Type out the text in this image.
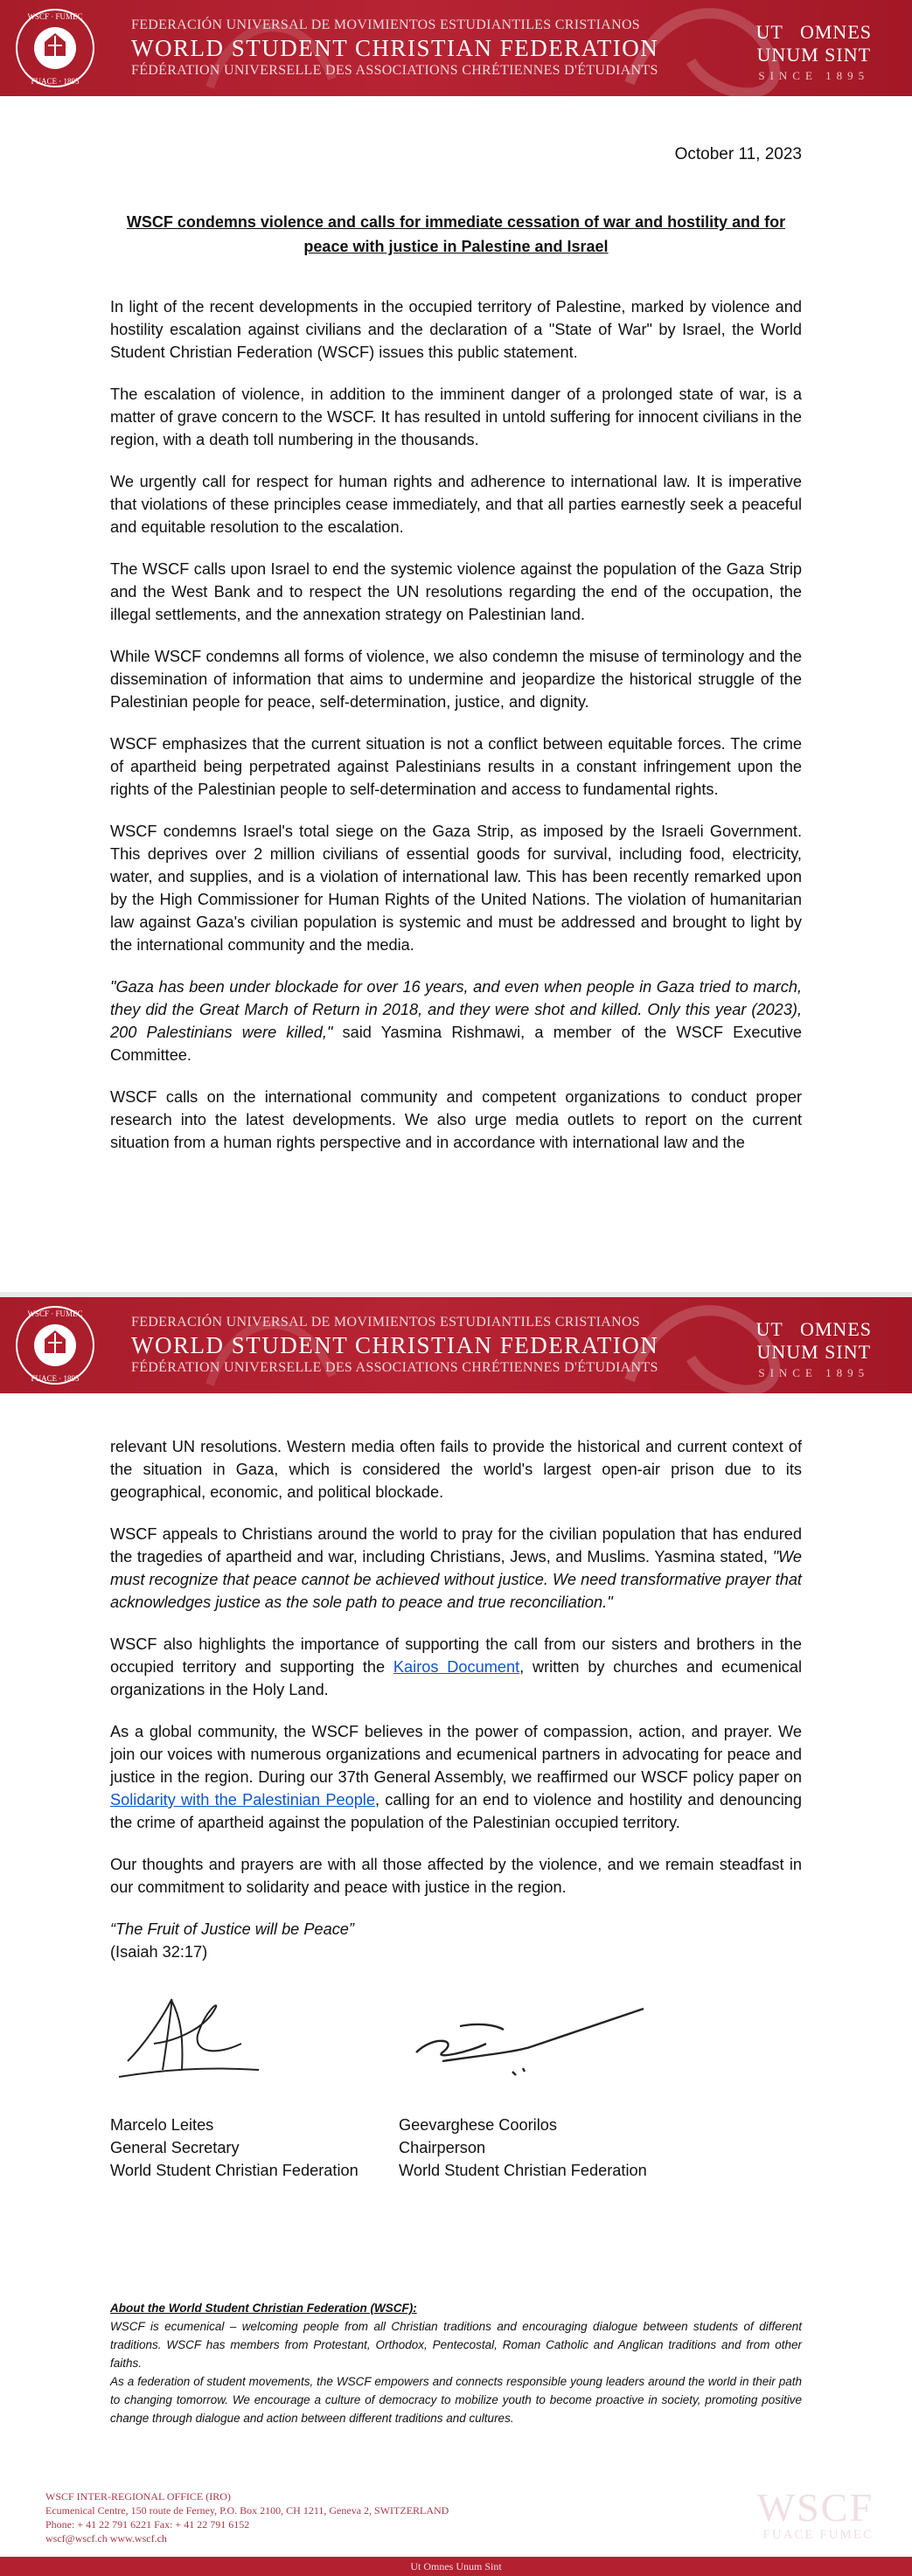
WSCF · FUMEC
FUACE · 1895
FEDERACIÓN UNIVERSAL DE MOVIMIENTOS ESTUDIANTILES CRISTIANOS
WORLD STUDENT CHRISTIAN FEDERATION
FÉDÉRATION UNIVERSELLE DES ASSOCIATIONS CHRÉTIENNES D'ÉTUDIANTS
UT   OMNES
UNUM SINT
SINCE 1895
October 11, 2023
WSCF condemns violence and calls for immediate cessation of war and hostility and for peace with justice in Palestine and Israel

In light of the recent developments in the occupied territory of Palestine, marked by violence and hostility escalation against civilians and the declaration of a "State of War" by Israel, the World Student Christian Federation (WSCF) issues this public statement.

The escalation of violence, in addition to the imminent danger of a prolonged state of war, is a matter of grave concern to the WSCF. It has resulted in untold suffering for innocent civilians in the region, with a death toll numbering in the thousands.

We urgently call for respect for human rights and adherence to international law. It is imperative that violations of these principles cease immediately, and that all parties earnestly seek a peaceful and equitable resolution to the escalation.

The WSCF calls upon Israel to end the systemic violence against the population of the Gaza Strip and the West Bank and to respect the UN resolutions regarding the end of the occupation, the illegal settlements, and the annexation strategy on Palestinian land.

While WSCF condemns all forms of violence, we also condemn the misuse of terminology and the dissemination of information that aims to undermine and jeopardize the historical struggle of the Palestinian people for peace, self-determination, justice, and dignity.

WSCF emphasizes that the current situation is not a conflict between equitable forces. The crime of apartheid being perpetrated against Palestinians results in a constant infringement upon the rights of the Palestinian people to self-determination and access to fundamental rights.

WSCF condemns Israel's total siege on the Gaza Strip, as imposed by the Israeli Government. This deprives over 2 million civilians of essential goods for survival, including food, electricity, water, and supplies, and is a violation of international law. This has been recently remarked upon by the High Commissioner for Human Rights of the United Nations. The violation of humanitarian law against Gaza's civilian population is systemic and must be addressed and brought to light by the international community and the media.

"Gaza has been under blockade for over 16 years, and even when people in Gaza tried to march, they did the Great March of Return in 2018, and they were shot and killed. Only this year (2023), 200 Palestinians were killed," said Yasmina Rishmawi, a member of the WSCF Executive Committee.

WSCF calls on the international community and competent organizations to conduct proper research into the latest developments. We also urge media outlets to report on the current situation from a human rights perspective and in accordance with international law and the

WSCF · FUMEC
FUACE · 1895
FEDERACIÓN UNIVERSAL DE MOVIMIENTOS ESTUDIANTILES CRISTIANOS
WORLD STUDENT CHRISTIAN FEDERATION
FÉDÉRATION UNIVERSELLE DES ASSOCIATIONS CHRÉTIENNES D'ÉTUDIANTS
UT   OMNES
UNUM SINT
SINCE 1895

relevant UN resolutions. Western media often fails to provide the historical and current context of the situation in Gaza, which is considered the world's largest open-air prison due to its geographical, economic, and political blockade.

WSCF appeals to Christians around the world to pray for the civilian population that has endured the tragedies of apartheid and war, including Christians, Jews, and Muslims. Yasmina stated, "We must recognize that peace cannot be achieved without justice. We need transformative prayer that acknowledges justice as the sole path to peace and true reconciliation."

WSCF also highlights the importance of supporting the call from our sisters and brothers in the occupied territory and supporting the Kairos Document, written by churches and ecumenical organizations in the Holy Land.

As a global community, the WSCF believes in the power of compassion, action, and prayer. We join our voices with numerous organizations and ecumenical partners in advocating for peace and justice in the region. During our 37th General Assembly, we reaffirmed our WSCF policy paper on Solidarity with the Palestinian People, calling for an end to violence and hostility and denouncing the crime of apartheid against the population of the Palestinian occupied territory.

Our thoughts and prayers are with all those affected by the violence, and we remain steadfast in our commitment to solidarity and peace with justice in the region.

“The Fruit of Justice will be Peace”
(Isaiah 32:17)

Marcelo Leites
General Secretary
World Student Christian Federation
Geevarghese Coorilos
Chairperson
World Student Christian Federation
About the World Student Christian Federation (WSCF):
WSCF is ecumenical – welcoming people from all Christian traditions and encouraging dialogue between students of different traditions. WSCF has members from Protestant, Orthodox, Pentecostal, Roman Catholic and Anglican traditions and from other faiths.
As a federation of student movements, the WSCF empowers and connects responsible young leaders around the world in their path to changing tomorrow. We encourage a culture of democracy to mobilize youth to become proactive in society, promoting positive change through dialogue and action between different traditions and cultures.
WSCF INTER-REGIONAL OFFICE (IRO)
Ecumenical Centre, 150 route de Ferney, P.O. Box 2100, CH 1211, Geneva 2, SWITZERLAND
Phone: + 41 22 791 6221 Fax: + 41 22 791 6152
wscf@wscf.ch www.wscf.ch
WSCF
FUACE FUMEC
Ut Omnes Unum Sint
